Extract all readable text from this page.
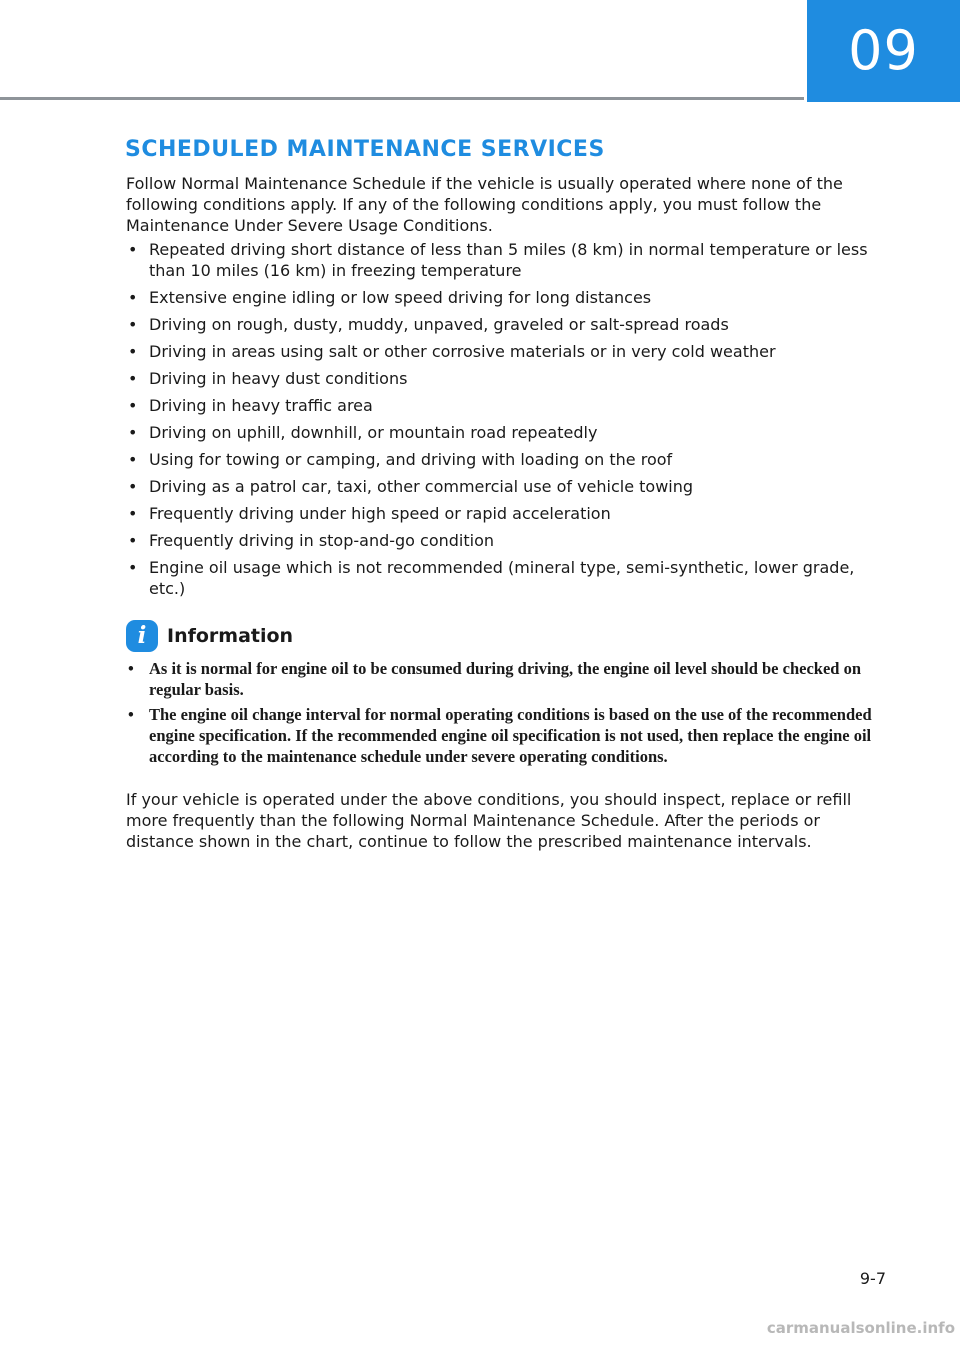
09
SCHEDULED MAINTENANCE SERVICES

Follow Normal Maintenance Schedule if the vehicle is usually operated where none of the following conditions apply. If any of the following conditions apply, you must follow the Maintenance Under Severe Usage Conditions.

• Repeated driving short distance of less than 5 miles (8 km) in normal temperature or less than 10 miles (16 km) in freezing temperature
• Extensive engine idling or low speed driving for long distances
• Driving on rough, dusty, muddy, unpaved, graveled or salt-spread roads
• Driving in areas using salt or other corrosive materials or in very cold weather
• Driving in heavy dust conditions
• Driving in heavy traffic area
• Driving on uphill, downhill, or mountain road repeatedly
• Using for towing or camping, and driving with loading on the roof
• Driving as a patrol car, taxi, other commercial use of vehicle towing
• Frequently driving under high speed or rapid acceleration
• Frequently driving in stop-and-go condition
• Engine oil usage which is not recommended (mineral type, semi-synthetic, lower grade, etc.)
i	Information
• As it is normal for engine oil to be consumed during driving, the engine oil level should be checked on regular basis.
• The engine oil change interval for normal operating conditions is based on the use of the recommended engine specification. If the recommended engine oil specification is not used, then replace the engine oil according to the maintenance schedule under severe operating conditions.

If your vehicle is operated under the above conditions, you should inspect, replace or refill more frequently than the following Normal Maintenance Schedule. After the periods or distance shown in the chart, continue to follow the prescribed maintenance intervals.

9-7
carmanualsonline.info
